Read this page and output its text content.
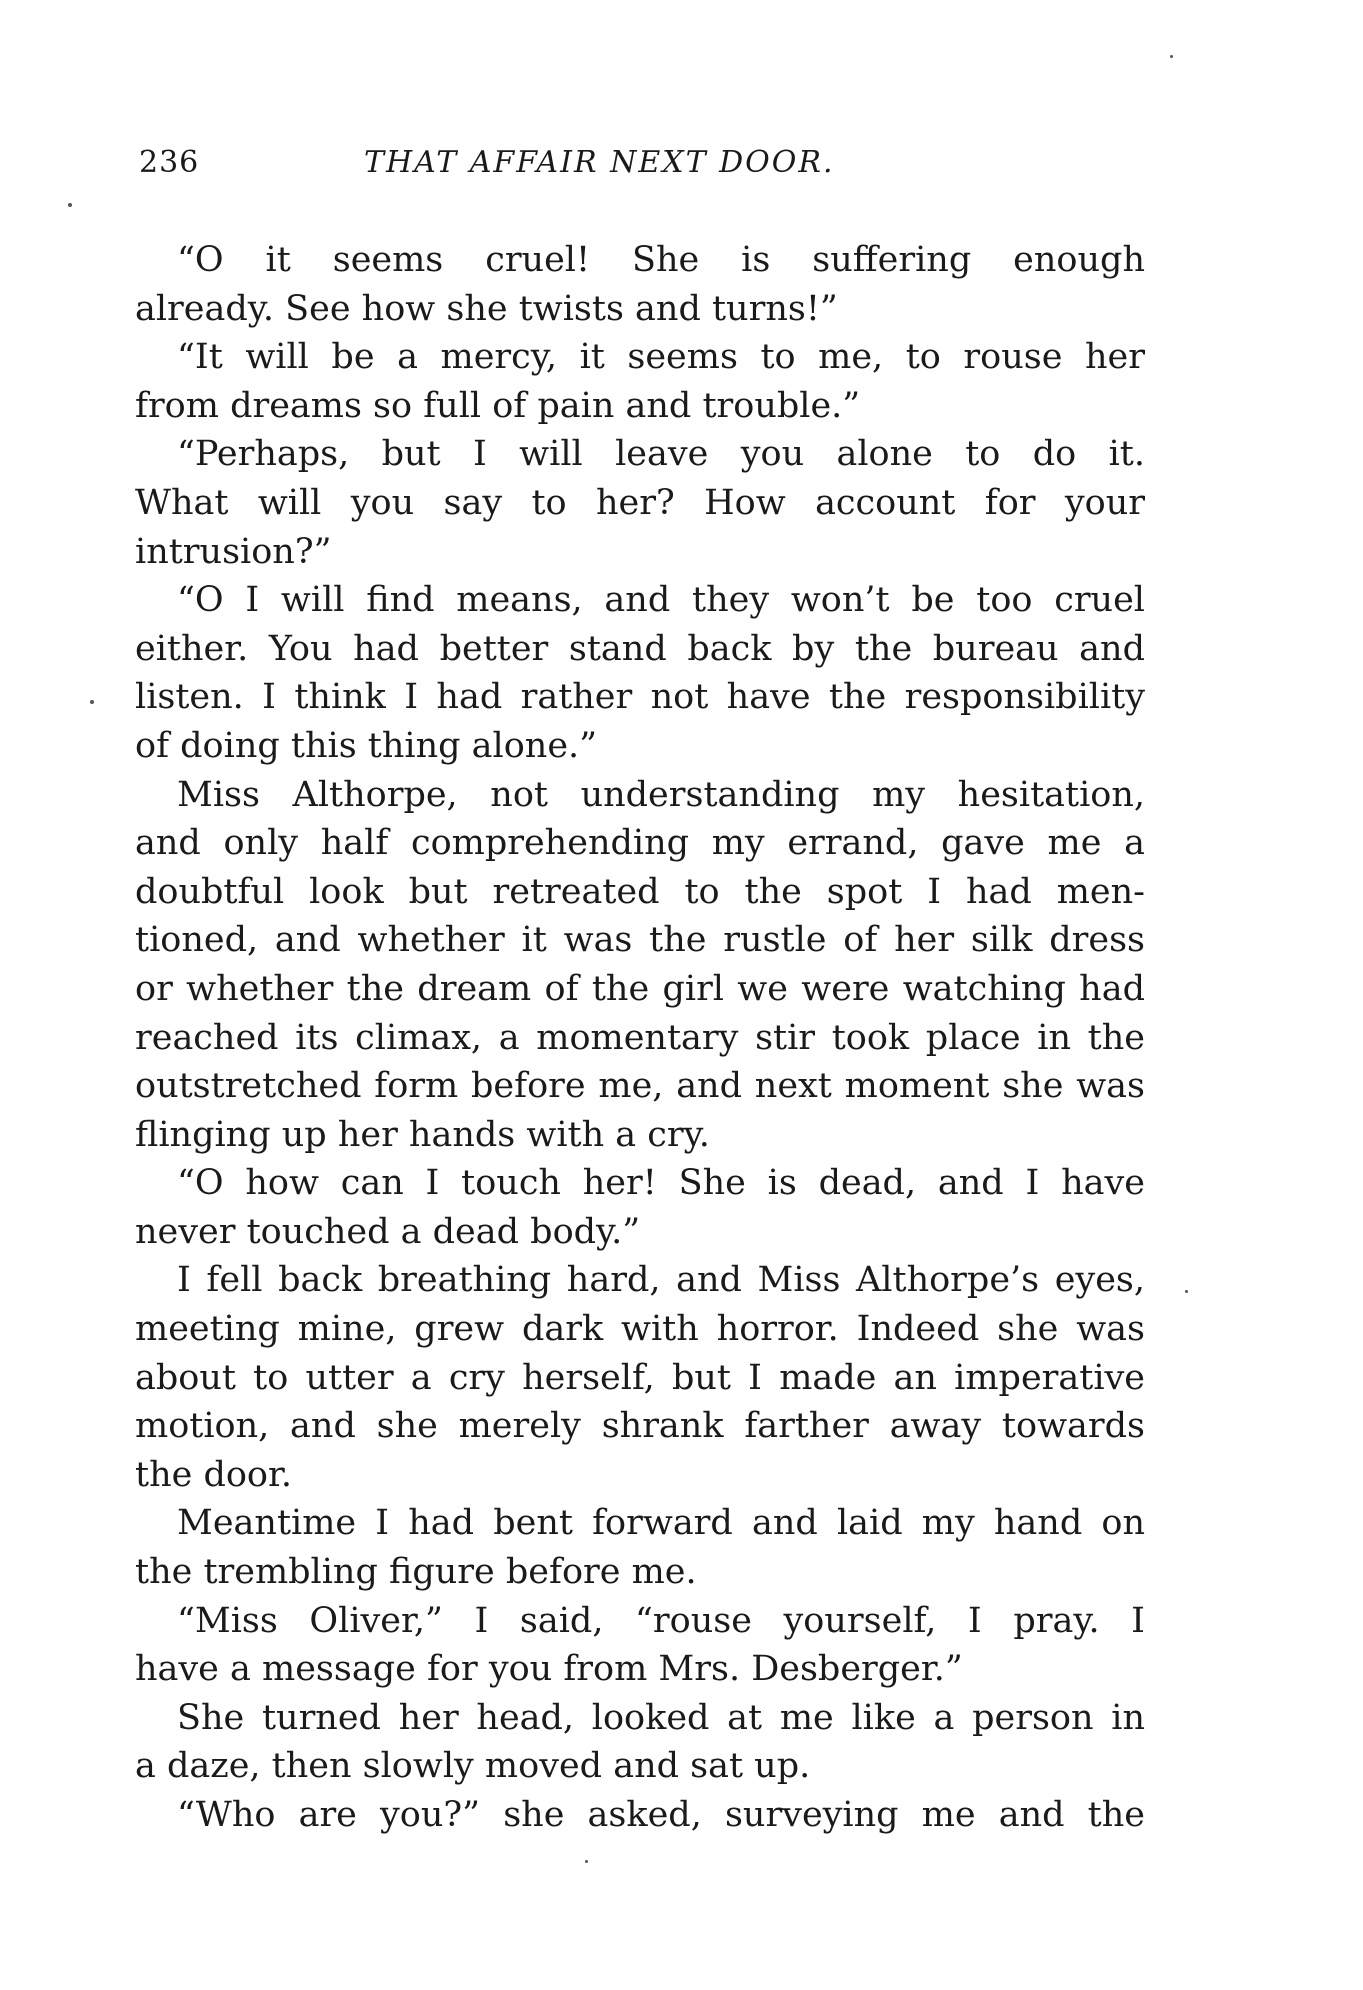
236	THAT AFFAIR NEXT DOOR.
“O it seems cruel! She is suffering enough
already. See how she twists and turns!”
“It will be a mercy, it seems to me, to rouse her
from dreams so full of pain and trouble.”
“Perhaps, but I will leave you alone to do it.
What will you say to her? How account for your
intrusion?”
“O I will find means, and they won’t be too cruel
either. You had better stand back by the bureau and
listen. I think I had rather not have the responsibility
of doing this thing alone.”
Miss Althorpe, not understanding my hesitation,
and only half comprehending my errand, gave me a
doubtful look but retreated to the spot I had men-
tioned, and whether it was the rustle of her silk dress
or whether the dream of the girl we were watching had
reached its climax, a momentary stir took place in the
outstretched form before me, and next moment she was
flinging up her hands with a cry.
“O how can I touch her! She is dead, and I have
never touched a dead body.”
I fell back breathing hard, and Miss Althorpe’s eyes,
meeting mine, grew dark with horror. Indeed she was
about to utter a cry herself, but I made an imperative
motion, and she merely shrank farther away towards
the door.
Meantime I had bent forward and laid my hand on
the trembling figure before me.
“Miss Oliver,” I said, “rouse yourself, I pray. I
have a message for you from Mrs. Desberger.”
She turned her head, looked at me like a person in
a daze, then slowly moved and sat up.
“Who are you?” she asked, surveying me and the
